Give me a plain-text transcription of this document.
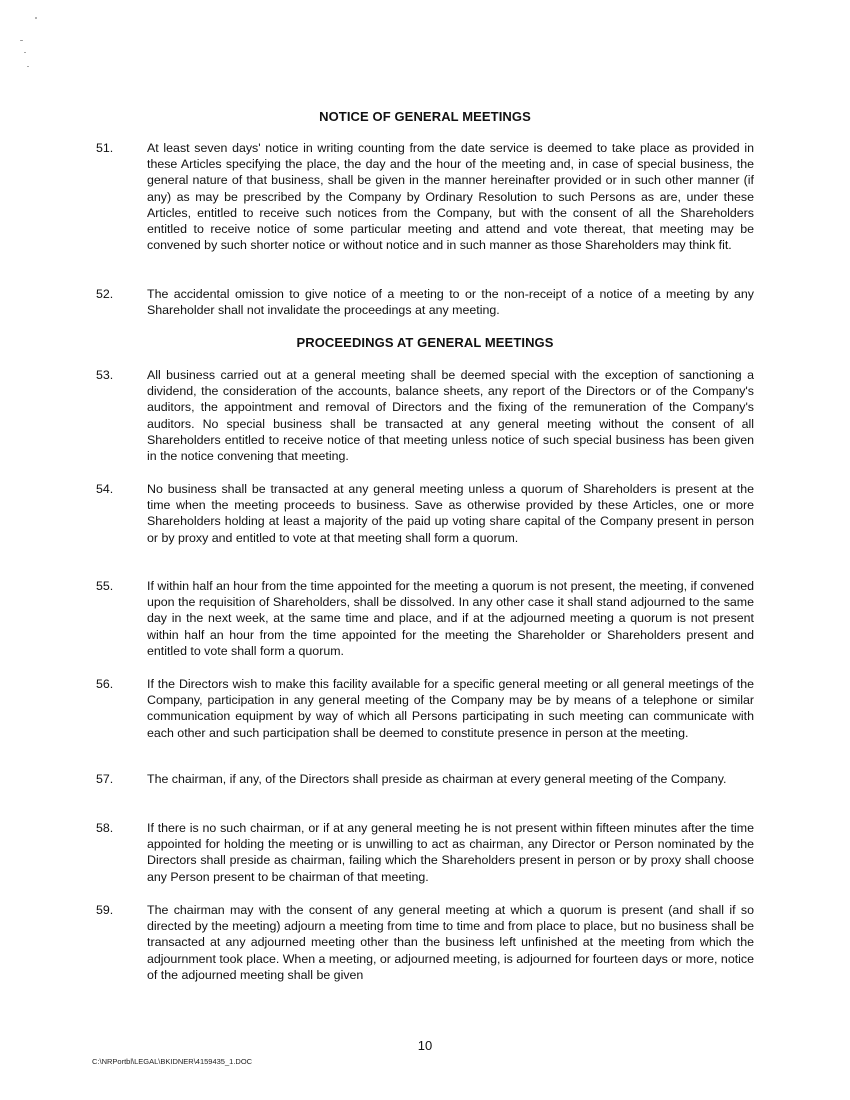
NOTICE OF GENERAL MEETINGS
51.	At least seven days' notice in writing counting from the date service is deemed to take place as provided in these Articles specifying the place, the day and the hour of the meeting and, in case of special business, the general nature of that business, shall be given in the manner hereinafter provided or in such other manner (if any) as may be prescribed by the Company by Ordinary Resolution to such Persons as are, under these Articles, entitled to receive such notices from the Company, but with the consent of all the Shareholders entitled to receive notice of some particular meeting and attend and vote thereat, that meeting may be convened by such shorter notice or without notice and in such manner as those Shareholders may think fit.
52.	The accidental omission to give notice of a meeting to or the non-receipt of a notice of a meeting by any Shareholder shall not invalidate the proceedings at any meeting.
PROCEEDINGS AT GENERAL MEETINGS
53.	All business carried out at a general meeting shall be deemed special with the exception of sanctioning a dividend, the consideration of the accounts, balance sheets, any report of the Directors or of the Company's auditors, the appointment and removal of Directors and the fixing of the remuneration of the Company's auditors. No special business shall be transacted at any general meeting without the consent of all Shareholders entitled to receive notice of that meeting unless notice of such special business has been given in the notice convening that meeting.
54.	No business shall be transacted at any general meeting unless a quorum of Shareholders is present at the time when the meeting proceeds to business. Save as otherwise provided by these Articles, one or more Shareholders holding at least a majority of the paid up voting share capital of the Company present in person or by proxy and entitled to vote at that meeting shall form a quorum.
55.	If within half an hour from the time appointed for the meeting a quorum is not present, the meeting, if convened upon the requisition of Shareholders, shall be dissolved. In any other case it shall stand adjourned to the same day in the next week, at the same time and place, and if at the adjourned meeting a quorum is not present within half an hour from the time appointed for the meeting the Shareholder or Shareholders present and entitled to vote shall form a quorum.
56.	If the Directors wish to make this facility available for a specific general meeting or all general meetings of the Company, participation in any general meeting of the Company may be by means of a telephone or similar communication equipment by way of which all Persons participating in such meeting can communicate with each other and such participation shall be deemed to constitute presence in person at the meeting.
57.	The chairman, if any, of the Directors shall preside as chairman at every general meeting of the Company.
58.	If there is no such chairman, or if at any general meeting he is not present within fifteen minutes after the time appointed for holding the meeting or is unwilling to act as chairman, any Director or Person nominated by the Directors shall preside as chairman, failing which the Shareholders present in person or by proxy shall choose any Person present to be chairman of that meeting.
59.	The chairman may with the consent of any general meeting at which a quorum is present (and shall if so directed by the meeting) adjourn a meeting from time to time and from place to place, but no business shall be transacted at any adjourned meeting other than the business left unfinished at the meeting from which the adjournment took place. When a meeting, or adjourned meeting, is adjourned for fourteen days or more, notice of the adjourned meeting shall be given
10
C:\NRPortbl\LEGAL\BKIDNER\4159435_1.DOC
